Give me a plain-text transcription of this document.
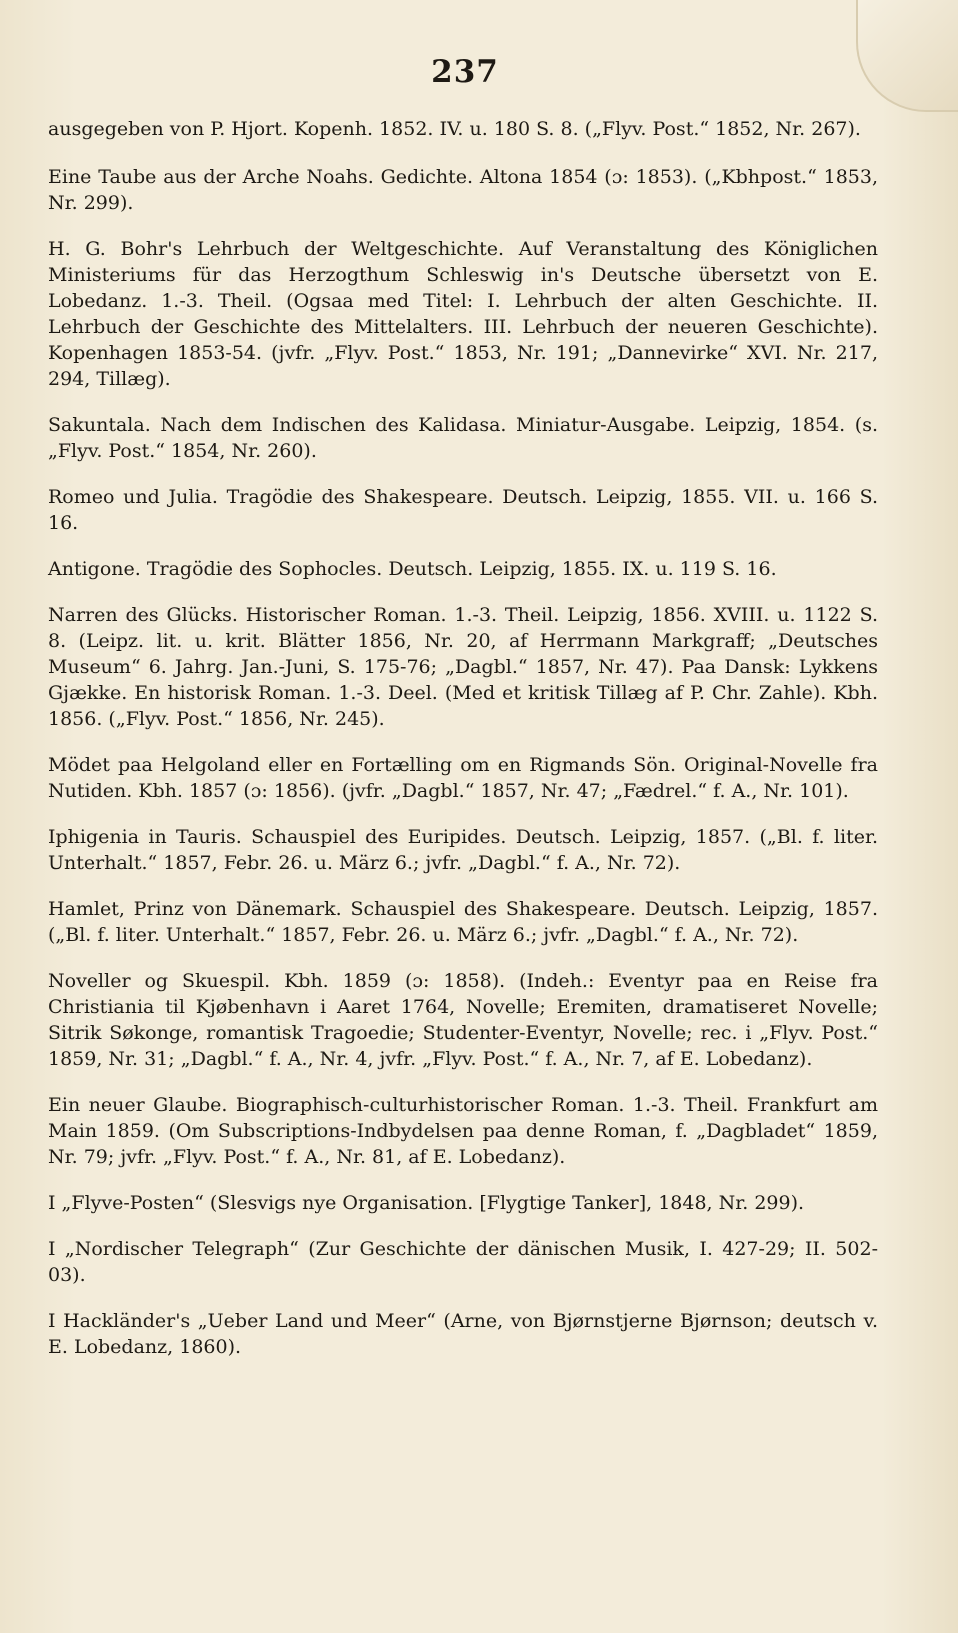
237

ausgegeben von P. Hjort. Kopenh. 1852. IV. u. 180 S. 8. („Flyv. Post.“ 1852, Nr. 267).

Eine Taube aus der Arche Noahs. Gedichte. Altona 1854 (ɔ: 1853). („Kbhpost.“ 1853, Nr. 299).

H. G. Bohr's Lehrbuch der Weltgeschichte. Auf Veranstaltung des Königlichen Ministeriums für das Herzogthum Schleswig in's Deutsche übersetzt von E. Lobedanz. 1.-3. Theil. (Ogsaa med Titel: I. Lehrbuch der alten Geschichte. II. Lehrbuch der Geschichte des Mittelalters. III. Lehrbuch der neueren Geschichte). Kopenhagen 1853-54. (jvfr. „Flyv. Post.“ 1853, Nr. 191; „Dannevirke“ XVI. Nr. 217, 294, Tillæg).

Sakuntala. Nach dem Indischen des Kalidasa. Miniatur-Ausgabe. Leipzig, 1854. (s. „Flyv. Post.“ 1854, Nr. 260).

Romeo und Julia. Tragödie des Shakespeare. Deutsch. Leipzig, 1855. VII. u. 166 S. 16.

Antigone. Tragödie des Sophocles. Deutsch. Leipzig, 1855. IX. u. 119 S. 16.

Narren des Glücks. Historischer Roman. 1.-3. Theil. Leipzig, 1856. XVIII. u. 1122 S. 8. (Leipz. lit. u. krit. Blätter 1856, Nr. 20, af Herrmann Markgraff; „Deutsches Museum“ 6. Jahrg. Jan.-Juni, S. 175-76; „Dagbl.“ 1857, Nr. 47). Paa Dansk: Lykkens Gjække. En historisk Roman. 1.-3. Deel. (Med et kritisk Tillæg af P. Chr. Zahle). Kbh. 1856. („Flyv. Post.“ 1856, Nr. 245).

Mödet paa Helgoland eller en Fortælling om en Rigmands Sön. Original-Novelle fra Nutiden. Kbh. 1857 (ɔ: 1856). (jvfr. „Dagbl.“ 1857, Nr. 47; „Fædrel.“ f. A., Nr. 101).

Iphigenia in Tauris. Schauspiel des Euripides. Deutsch. Leipzig, 1857. („Bl. f. liter. Unterhalt.“ 1857, Febr. 26. u. März 6.; jvfr. „Dagbl.“ f. A., Nr. 72).

Hamlet, Prinz von Dänemark. Schauspiel des Shakespeare. Deutsch. Leipzig, 1857. („Bl. f. liter. Unterhalt.“ 1857, Febr. 26. u. März 6.; jvfr. „Dagbl.“ f. A., Nr. 72).

Noveller og Skuespil. Kbh. 1859 (ɔ: 1858). (Indeh.: Eventyr paa en Reise fra Christiania til Kjøbenhavn i Aaret 1764, Novelle; Eremiten, dramatiseret Novelle; Sitrik Søkonge, romantisk Tragoedie; Studenter-Eventyr, Novelle; rec. i „Flyv. Post.“ 1859, Nr. 31; „Dagbl.“ f. A., Nr. 4, jvfr. „Flyv. Post.“ f. A., Nr. 7, af E. Lobedanz).

Ein neuer Glaube. Biographisch-culturhistorischer Roman. 1.-3. Theil. Frankfurt am Main 1859. (Om Subscriptions-Indbydelsen paa denne Roman, f. „Dagbladet“ 1859, Nr. 79; jvfr. „Flyv. Post.“ f. A., Nr. 81, af E. Lobedanz).

I „Flyve-Posten“ (Slesvigs nye Organisation. [Flygtige Tanker], 1848, Nr. 299).

I „Nordischer Telegraph“ (Zur Geschichte der dänischen Musik, I. 427-29; II. 502-03).

I Hackländer's „Ueber Land und Meer“ (Arne, von Bjørnstjerne Bjørnson; deutsch v. E. Lobedanz, 1860).
